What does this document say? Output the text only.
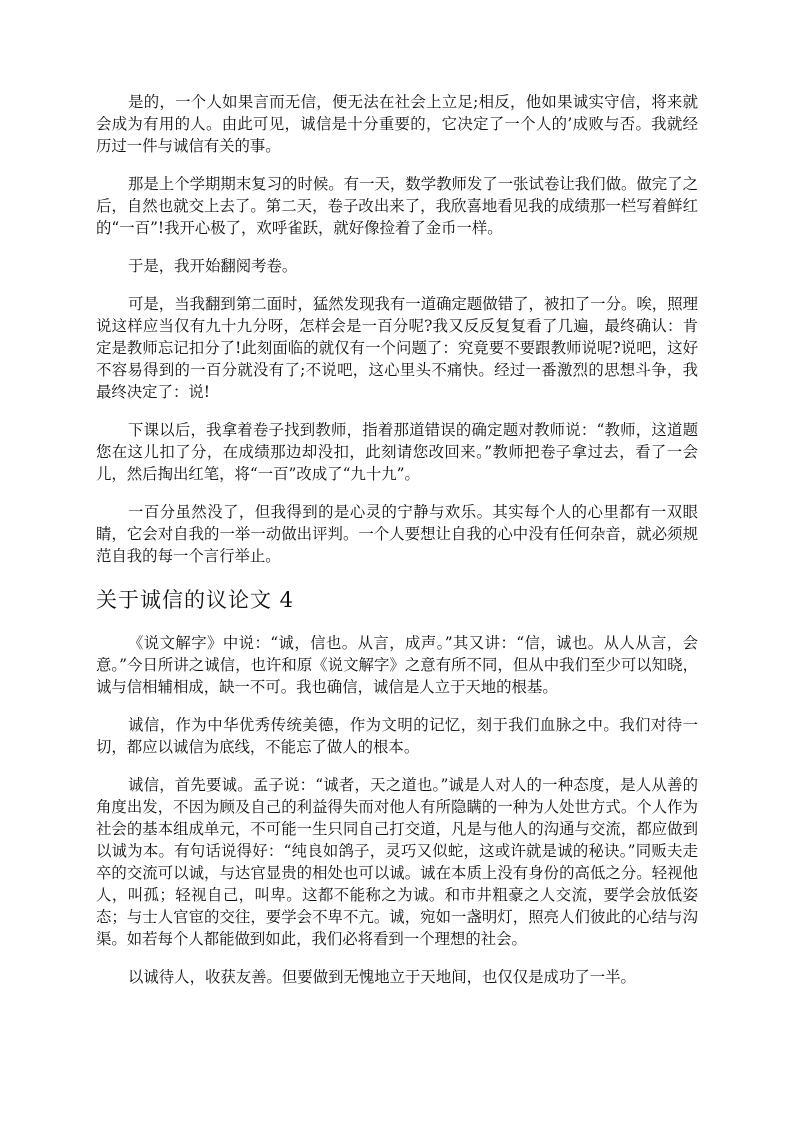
是的，一个人如果言而无信，便无法在社会上立足;相反，他如果诚实守信，将来就会成为有用的人。由此可见，诚信是十分重要的，它决定了一个人的’成败与否。我就经历过一件与诚信有关的事。

那是上个学期期末复习的时候。有一天，数学教师发了一张试卷让我们做。做完了之后，自然也就交上去了。第二天，卷子改出来了，我欣喜地看见我的成绩那一栏写着鲜红的“一百”!我开心极了，欢呼雀跃，就好像捡着了金币一样。

于是，我开始翻阅考卷。

可是，当我翻到第二面时，猛然发现我有一道确定题做错了，被扣了一分。唉，照理说这样应当仅有九十九分呀，怎样会是一百分呢?我又反反复复看了几遍，最终确认：肯定是教师忘记扣分了!此刻面临的就仅有一个问题了：究竟要不要跟教师说呢?说吧，这好不容易得到的一百分就没有了;不说吧，这心里头不痛快。经过一番激烈的思想斗争，我最终决定了：说!

下课以后，我拿着卷子找到教师，指着那道错误的确定题对教师说：“教师，这道题您在这儿扣了分，在成绩那边却没扣，此刻请您改回来。”教师把卷子拿过去，看了一会儿，然后掏出红笔，将“一百”改成了“九十九”。

一百分虽然没了，但我得到的是心灵的宁静与欢乐。其实每个人的心里都有一双眼睛，它会对自我的一举一动做出评判。一个人要想让自我的心中没有任何杂音，就必须规范自我的每一个言行举止。

关于诚信的议论文 4

《说文解字》中说：“诚，信也。从言，成声。”其又讲：“信，诚也。从人从言，会意。”今日所讲之诚信，也许和原《说文解字》之意有所不同，但从中我们至少可以知晓，诚与信相辅相成，缺一不可。我也确信，诚信是人立于天地的根基。

诚信，作为中华优秀传统美德，作为文明的记忆，刻于我们血脉之中。我们对待一切，都应以诚信为底线，不能忘了做人的根本。

诚信，首先要诚。孟子说：“诚者，天之道也。”诚是人对人的一种态度，是人从善的角度出发，不因为顾及自己的利益得失而对他人有所隐瞒的一种为人处世方式。个人作为社会的基本组成单元，不可能一生只同自己打交道，凡是与他人的沟通与交流，都应做到以诚为本。有句话说得好：“纯良如鸽子，灵巧又似蛇，这或许就是诚的秘诀。”同贩夫走卒的交流可以诚，与达官显贵的相处也可以诚。诚在本质上没有身份的高低之分。轻视他人，叫孤；轻视自己，叫卑。这都不能称之为诚。和市井粗豪之人交流，要学会放低姿态；与士人官宦的交往，要学会不卑不亢。诚，宛如一盏明灯，照亮人们彼此的心结与沟渠。如若每个人都能做到如此，我们必将看到一个理想的社会。

以诚待人，收获友善。但要做到无愧地立于天地间，也仅仅是成功了一半。
